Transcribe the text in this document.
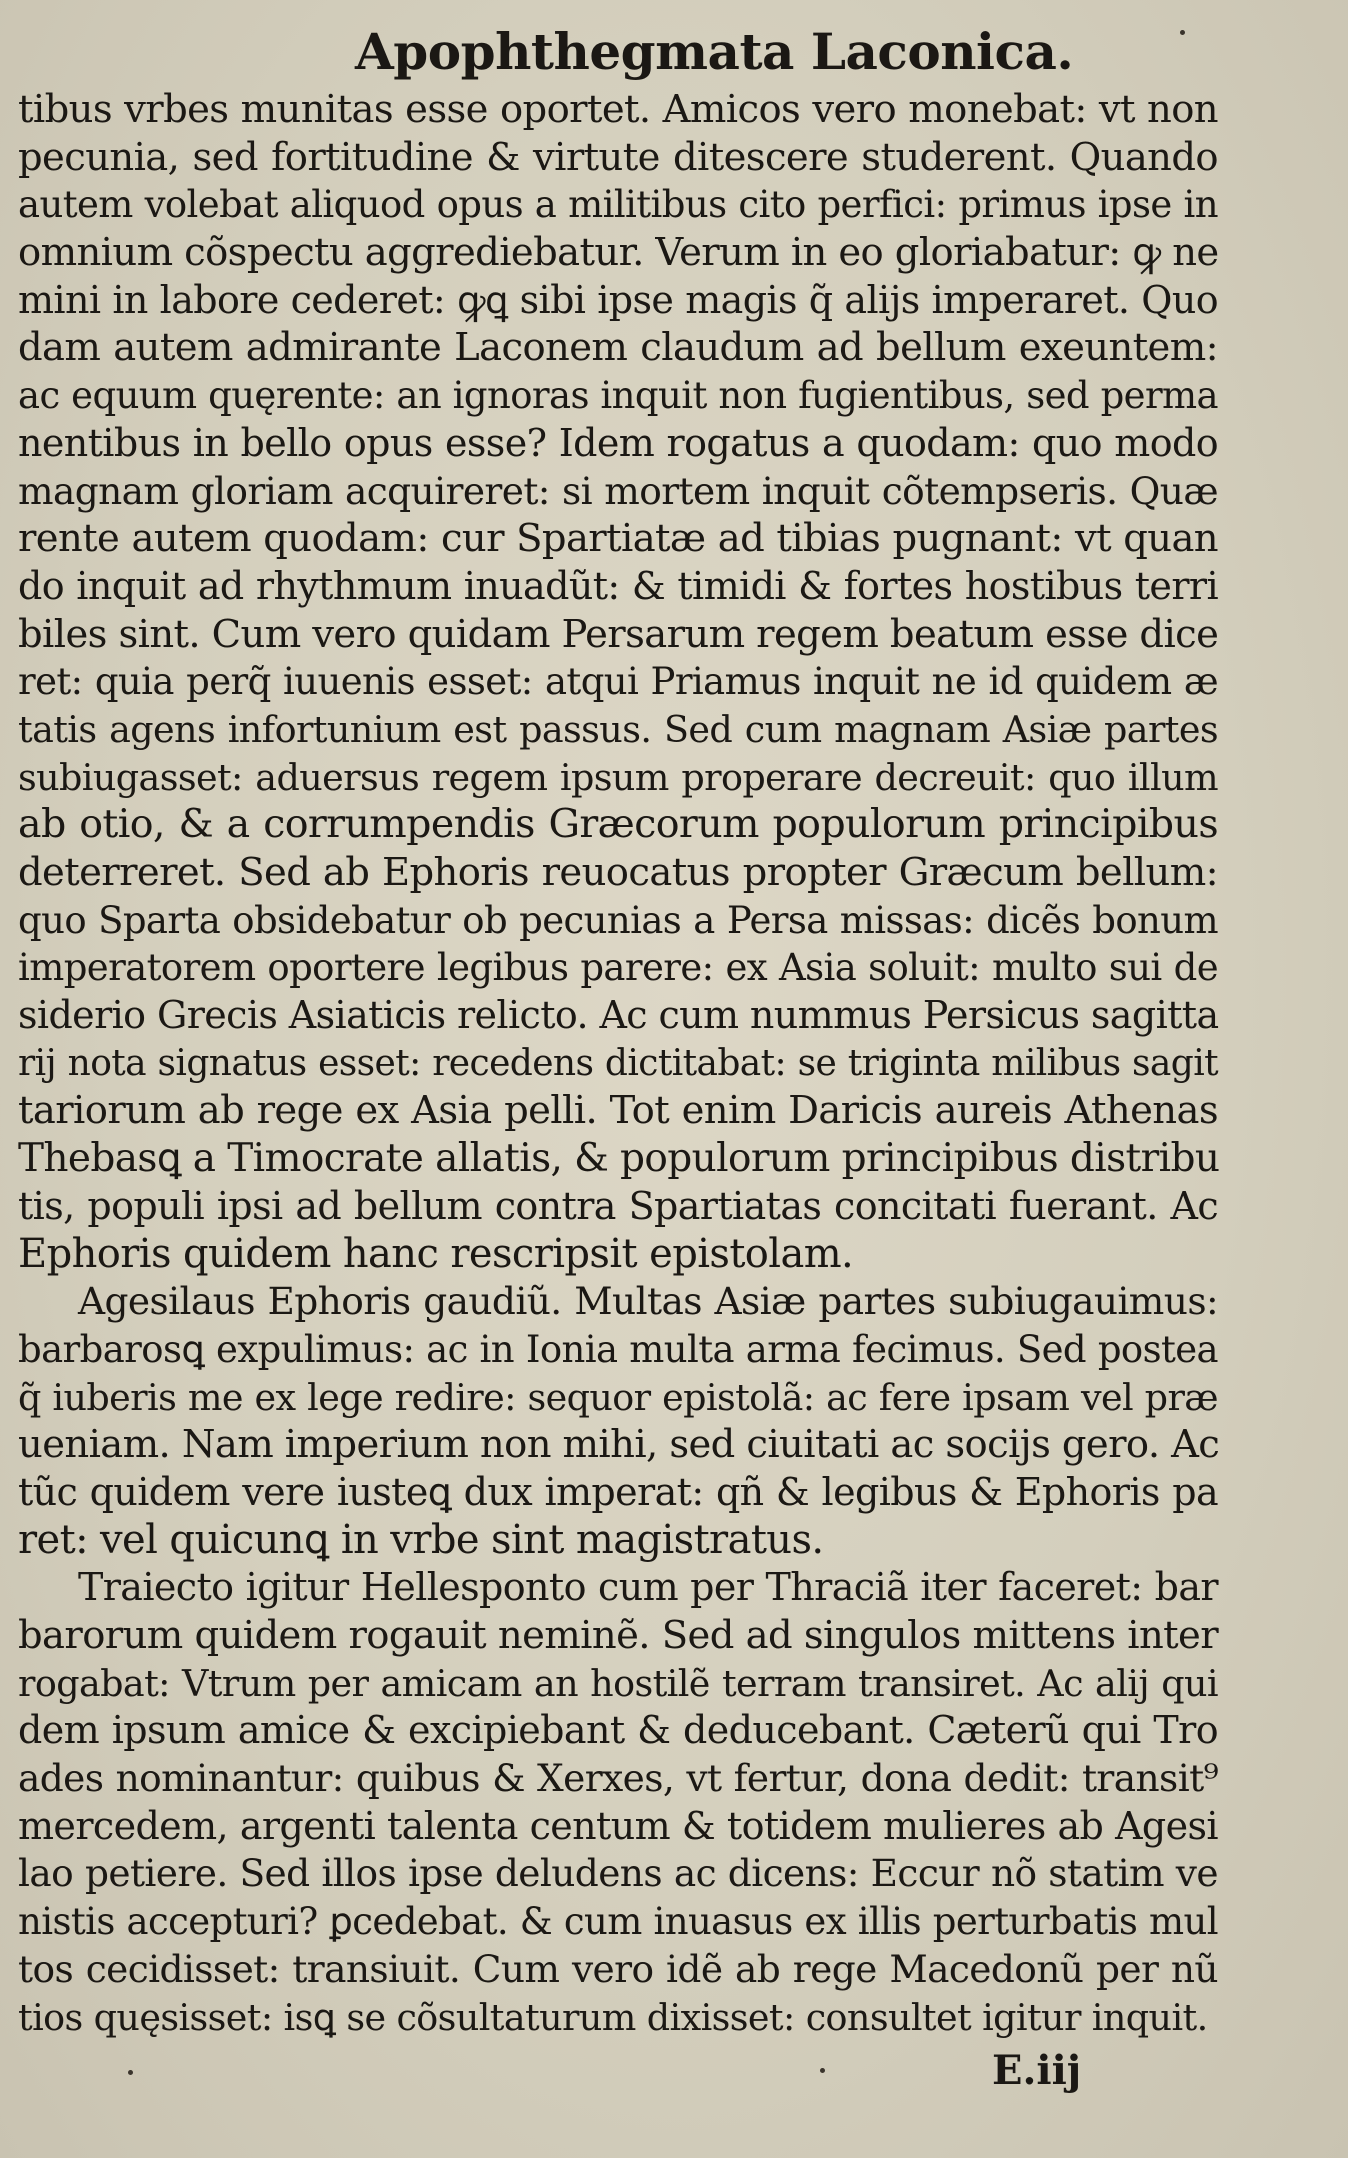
Apophthegmata Laconica.
tibus vrbes munitas esse oportet. Amicos vero monebat: vt non
pecunia, sed fortitudine & virtute ditescere studerent. Quando
autem volebat aliquod opus a militibus cito perfici: primus ipse in
omnium cõspectu aggrediebatur. Verum in eo gloriabatur: ꝙ ne
mini in labore cederet: ꝙꝗ sibi ipse magis q̃ alijs imperaret. Quo
dam autem admirante Laconem claudum ad bellum exeuntem:
ac equum quęrente: an ignoras inquit non fugientibus, sed perma
nentibus in bello opus esse? Idem rogatus a quodam: quo modo
magnam gloriam acquireret: si mortem inquit cõtempseris. Quæ
rente autem quodam: cur Spartiatæ ad tibias pugnant: vt quan
do inquit ad rhythmum inuadũt: & timidi & fortes hostibus terri
biles sint. Cum vero quidam Persarum regem beatum esse dice
ret: quia perq̃ iuuenis esset: atqui Priamus inquit ne id quidem æ
tatis agens infortunium est passus. Sed cum magnam Asiæ partes
subiugasset: aduersus regem ipsum properare decreuit: quo illum
ab otio, & a corrumpendis Græcorum populorum principibus
deterreret. Sed ab Ephoris reuocatus propter Græcum bellum:
quo Sparta obsidebatur ob pecunias a Persa missas: dicẽs bonum
imperatorem oportere legibus parere: ex Asia soluit: multo sui de
siderio Grecis Asiaticis relicto. Ac cum nummus Persicus sagitta
rij nota signatus esset: recedens dictitabat: se triginta milibus sagit
tariorum ab rege ex Asia pelli. Tot enim Daricis aureis Athenas
Thebasꝗ a Timocrate allatis, & populorum principibus distribu
tis, populi ipsi ad bellum contra Spartiatas concitati fuerant. Ac
Ephoris quidem hanc rescripsit epistolam.
Agesilaus Ephoris gaudiũ. Multas Asiæ partes subiugauimus:
barbarosꝗ expulimus: ac in Ionia multa arma fecimus. Sed postea
q̃ iuberis me ex lege redire: sequor epistolã: ac fere ipsam vel præ
ueniam. Nam imperium non mihi, sed ciuitati ac socijs gero. Ac
tũc quidem vere iusteꝗ dux imperat: qñ & legibus & Ephoris pa
ret: vel quicunꝗ in vrbe sint magistratus.
Traiecto igitur Hellesponto cum per Thraciã iter faceret: bar
barorum quidem rogauit neminẽ. Sed ad singulos mittens inter
rogabat: Vtrum per amicam an hostilẽ terram transiret. Ac alij qui
dem ipsum amice & excipiebant & deducebant. Cæterũ qui Tro
ades nominantur: quibus & Xerxes, vt fertur, dona dedit: transit⁹
mercedem, argenti talenta centum & totidem mulieres ab Agesi
lao petiere. Sed illos ipse deludens ac dicens: Eccur nõ statim ve
nistis accepturi? ꝑcedebat. & cum inuasus ex illis perturbatis mul
tos cecidisset: transiuit. Cum vero idẽ ab rege Macedonũ per nũ
tios quęsisset: isꝗ se cõsultaturum dixisset: consultet igitur inquit.
E.iij
